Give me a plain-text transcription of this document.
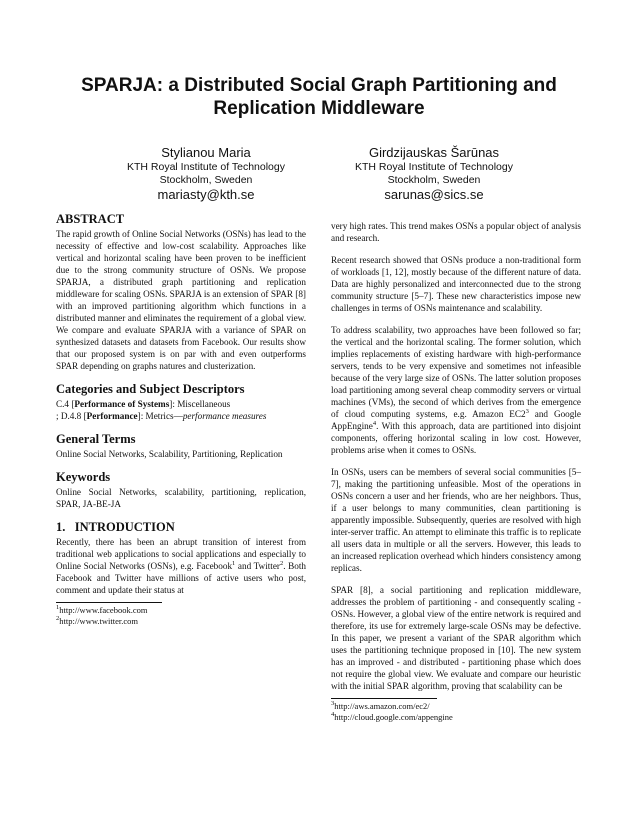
SPARJA: a Distributed Social Graph Partitioning and
Replication Middleware
Stylianou Maria
KTH Royal Institute of Technology
Stockholm, Sweden
mariasty@kth.se
Girdzijauskas Šarūnas
KTH Royal Institute of Technology
Stockholm, Sweden
sarunas@sics.se
ABSTRACT

The rapid growth of Online Social Networks (OSNs) has lead to the necessity of effective and low-cost scalability. Approaches like vertical and horizontal scaling have been proven to be inefficient due to the strong community structure of OSNs. We propose SPARJA, a distributed graph partitioning and replication middleware for scaling OSNs. SPARJA is an extension of SPAR [8] with an improved partitioning algorithm which functions in a distributed manner and eliminates the requirement of a global view. We compare and evaluate SPARJA with a variance of SPAR on synthesized datasets and datasets from Facebook. Our results show that our proposed system is on par with and even outperforms SPAR depending on graphs natures and clusterization.

Categories and Subject Descriptors

C.4 [Performance of Systems]: Miscellaneous
; D.4.8 [Performance]: Metrics—performance measures

General Terms

Online Social Networks, Scalability, Partitioning, Replication

Keywords

Online Social Networks, scalability, partitioning, replication, SPAR, JA-BE-JA

1.   INTRODUCTION

Recently, there has been an abrupt transition of interest from traditional web applications to social applications and especially to Online Social Networks (OSNs), e.g. Facebook$^1$ and Twitter$^2$. Both Facebook and Twitter have millions of active users who post, comment and update their status at

$^1$http://www.facebook.com
$^2$http://www.twitter.com

very high rates. This trend makes OSNs a popular object of analysis and research.

Recent research showed that OSNs produce a non-traditional form of workloads [1, 12], mostly because of the different nature of data. Data are highly personalized and interconnected due to the strong community structure [5–7]. These new characteristics impose new challenges in terms of OSNs maintenance and scalability.

To address scalability, two approaches have been followed so far; the vertical and the horizontal scaling. The former solution, which implies replacements of existing hardware with high-performance servers, tends to be very expensive and sometimes not infeasible because of the very large size of OSNs. The latter solution proposes load partitioning among several cheap commodity servers or virtual machines (VMs), the second of which derives from the emergence of cloud computing systems, e.g. Amazon $EC2^3$ and Google AppEngine$^4$. With this approach, data are partitioned into disjoint components, offering horizontal scaling in low cost. However, problems arise when it comes to OSNs.

In OSNs, users can be members of several social communities [5–7], making the partitioning unfeasible. Most of the operations in OSNs concern a user and her friends, who are her neighbors. Thus, if a user belongs to many communities, clean partitioning is apparently impossible. Subsequently, queries are resolved with high inter-server traffic. An attempt to eliminate this traffic is to replicate all users data in multiple or all the servers. However, this leads to an increased replication overhead which hinders consistency among replicas.

SPAR [8], a social partitioning and replication middleware, addresses the problem of partitioning - and consequently scaling - OSNs. However, a global view of the entire network is required and therefore, its use for extremely large-scale OSNs may be defective. In this paper, we present a variant of the SPAR algorithm which uses the partitioning technique proposed in [10]. The new system has an improved - and distributed - partitioning phase which does not require the global view. We evaluate and compare our heuristic with the initial SPAR algorithm, proving that scalability can be

$^3$http://aws.amazon.com/ec2/
$^4$http://cloud.google.com/appengine
